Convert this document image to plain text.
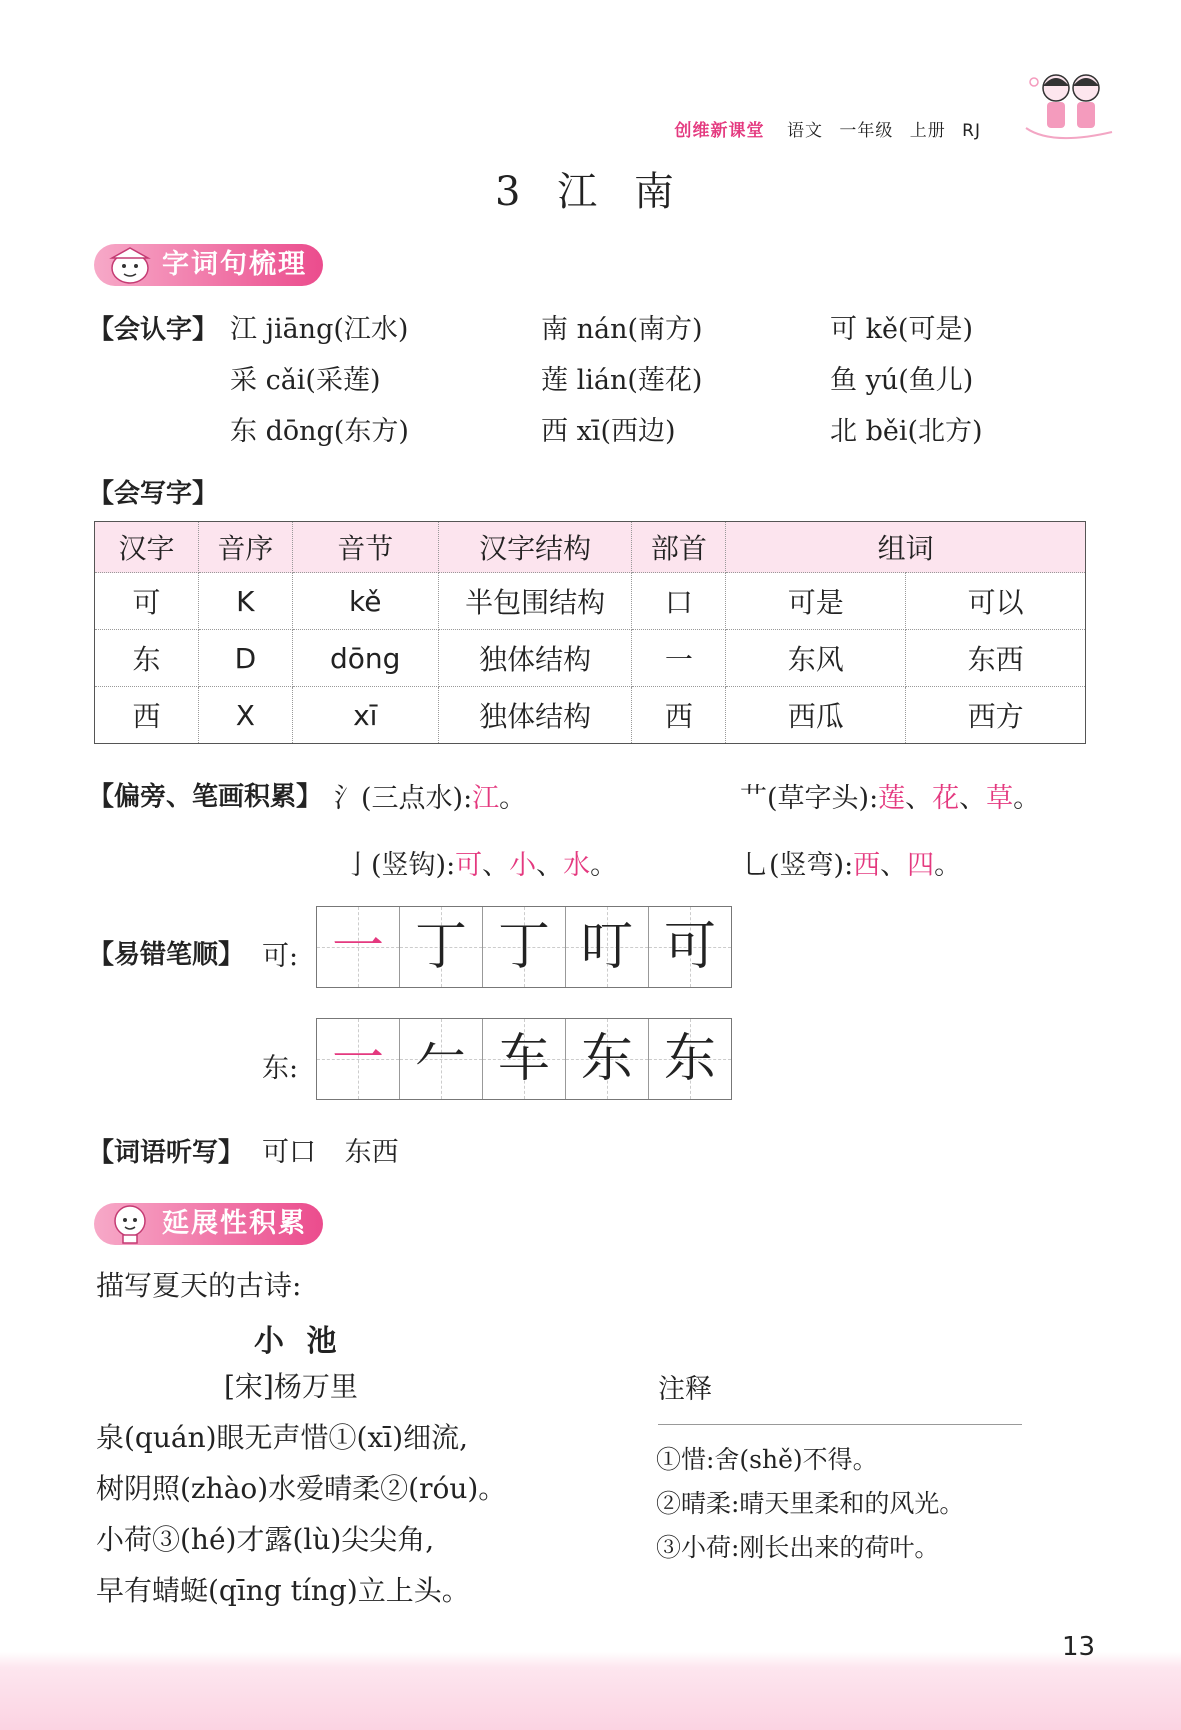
创维新课堂 语文 一年级 上册 RJ
3 江 南
字词句梳理
【会认字】 江 jiāng(江水)	南 nán(南方)	可 kě(可是)
采 cǎi(采莲)	莲 lián(莲花)	鱼 yú(鱼儿)
东 dōng(东方)	西 xī(西边)	北 běi(北方)
【会写字】
汉字	音序	音节	汉字结构	部首	组词	
可	K	kě	半包围结构	口	可是	可以
东	D	dōng	独体结构	一	东风	东西
西	X	xī	独体结构	西	西瓜	西方
【偏旁、笔画积累】 氵(三点水):江。	艹(草字头):莲、花、草。
亅(竖钩):可、小、水。	乚(竖弯):西、四。
【易错笔顺】 可: 一 丁 丁 叮 可
东: 一 𠂉 车 东 东
【词语听写】 可口 东西
延展性积累
描写夏天的古诗:
小 池
[宋]杨万里
泉(quán)眼无声惜①(xī)细流,
树阴照(zhào)水爱晴柔②(róu)。
小荷③(hé)才露(lù)尖尖角,
早有蜻蜓(qīng tíng)立上头。
注释
①惜:舍(shě)不得。
②晴柔:晴天里柔和的风光。
③小荷:刚长出来的荷叶。
13
